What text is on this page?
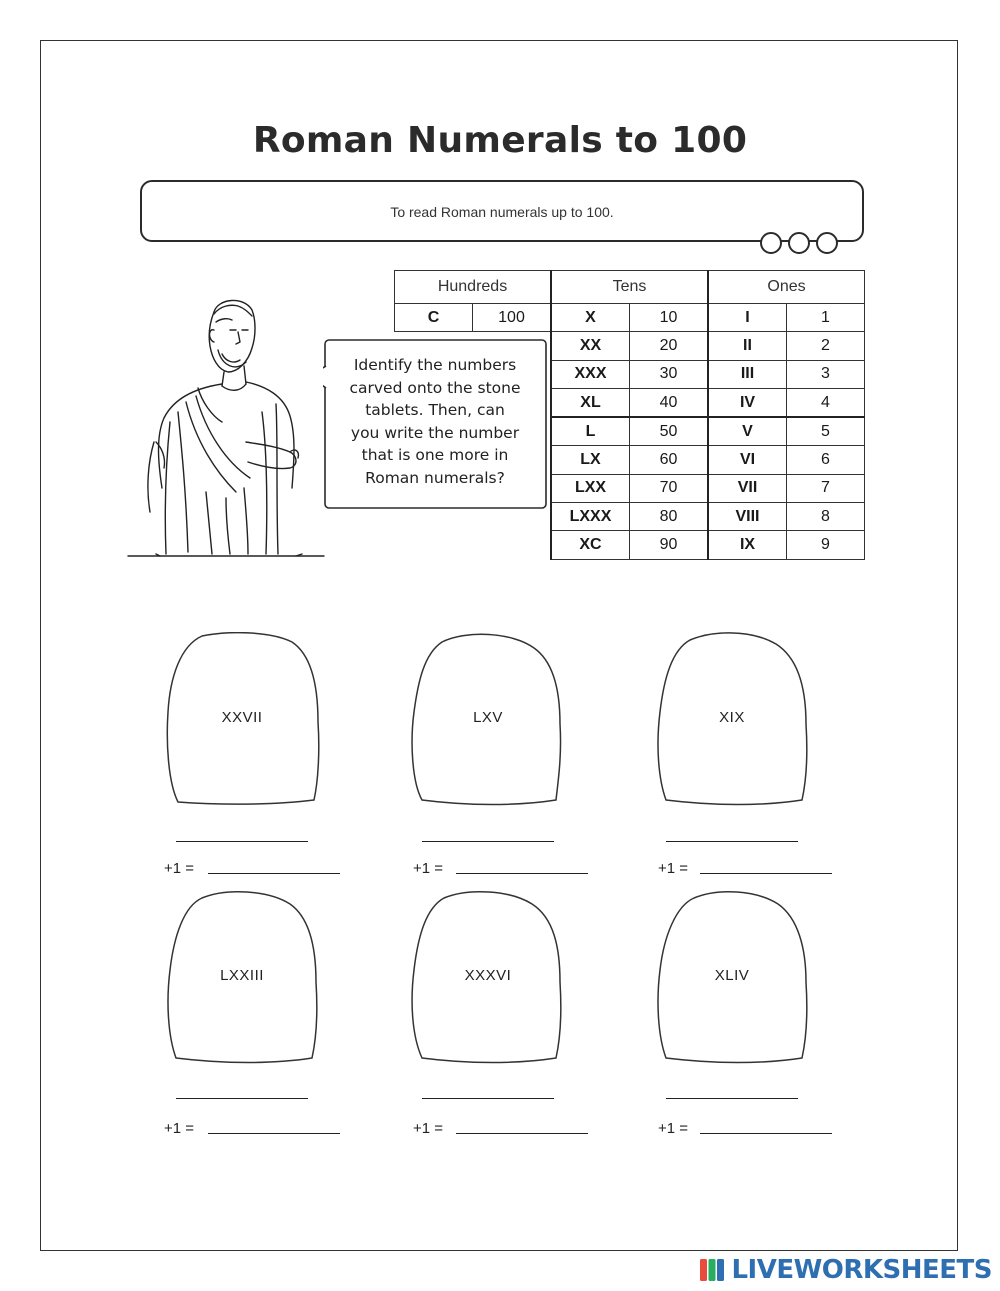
Roman Numerals to 100
To read Roman numerals up to 100.
Identify the numbers
carved onto the stone
tablets. Then, can
you write the number
that is one more in
Roman numerals?
Hundreds		Tens		Ones	
C	100	X	10	I	1
		XX	20	II	2
		XXX	30	III	3
		XL	40	IV	4
		L	50	V	5
		LX	60	VI	6
		LXX	70	VII	7
		LXXX	80	VIII	8
		XC	90	IX	9
XXVII	LXV	XIX
+1 =	+1 =	+1 =
LXXIII	XXXVI	XLIV
+1 =	+1 =	+1 =
LIVEWORKSHEETS
